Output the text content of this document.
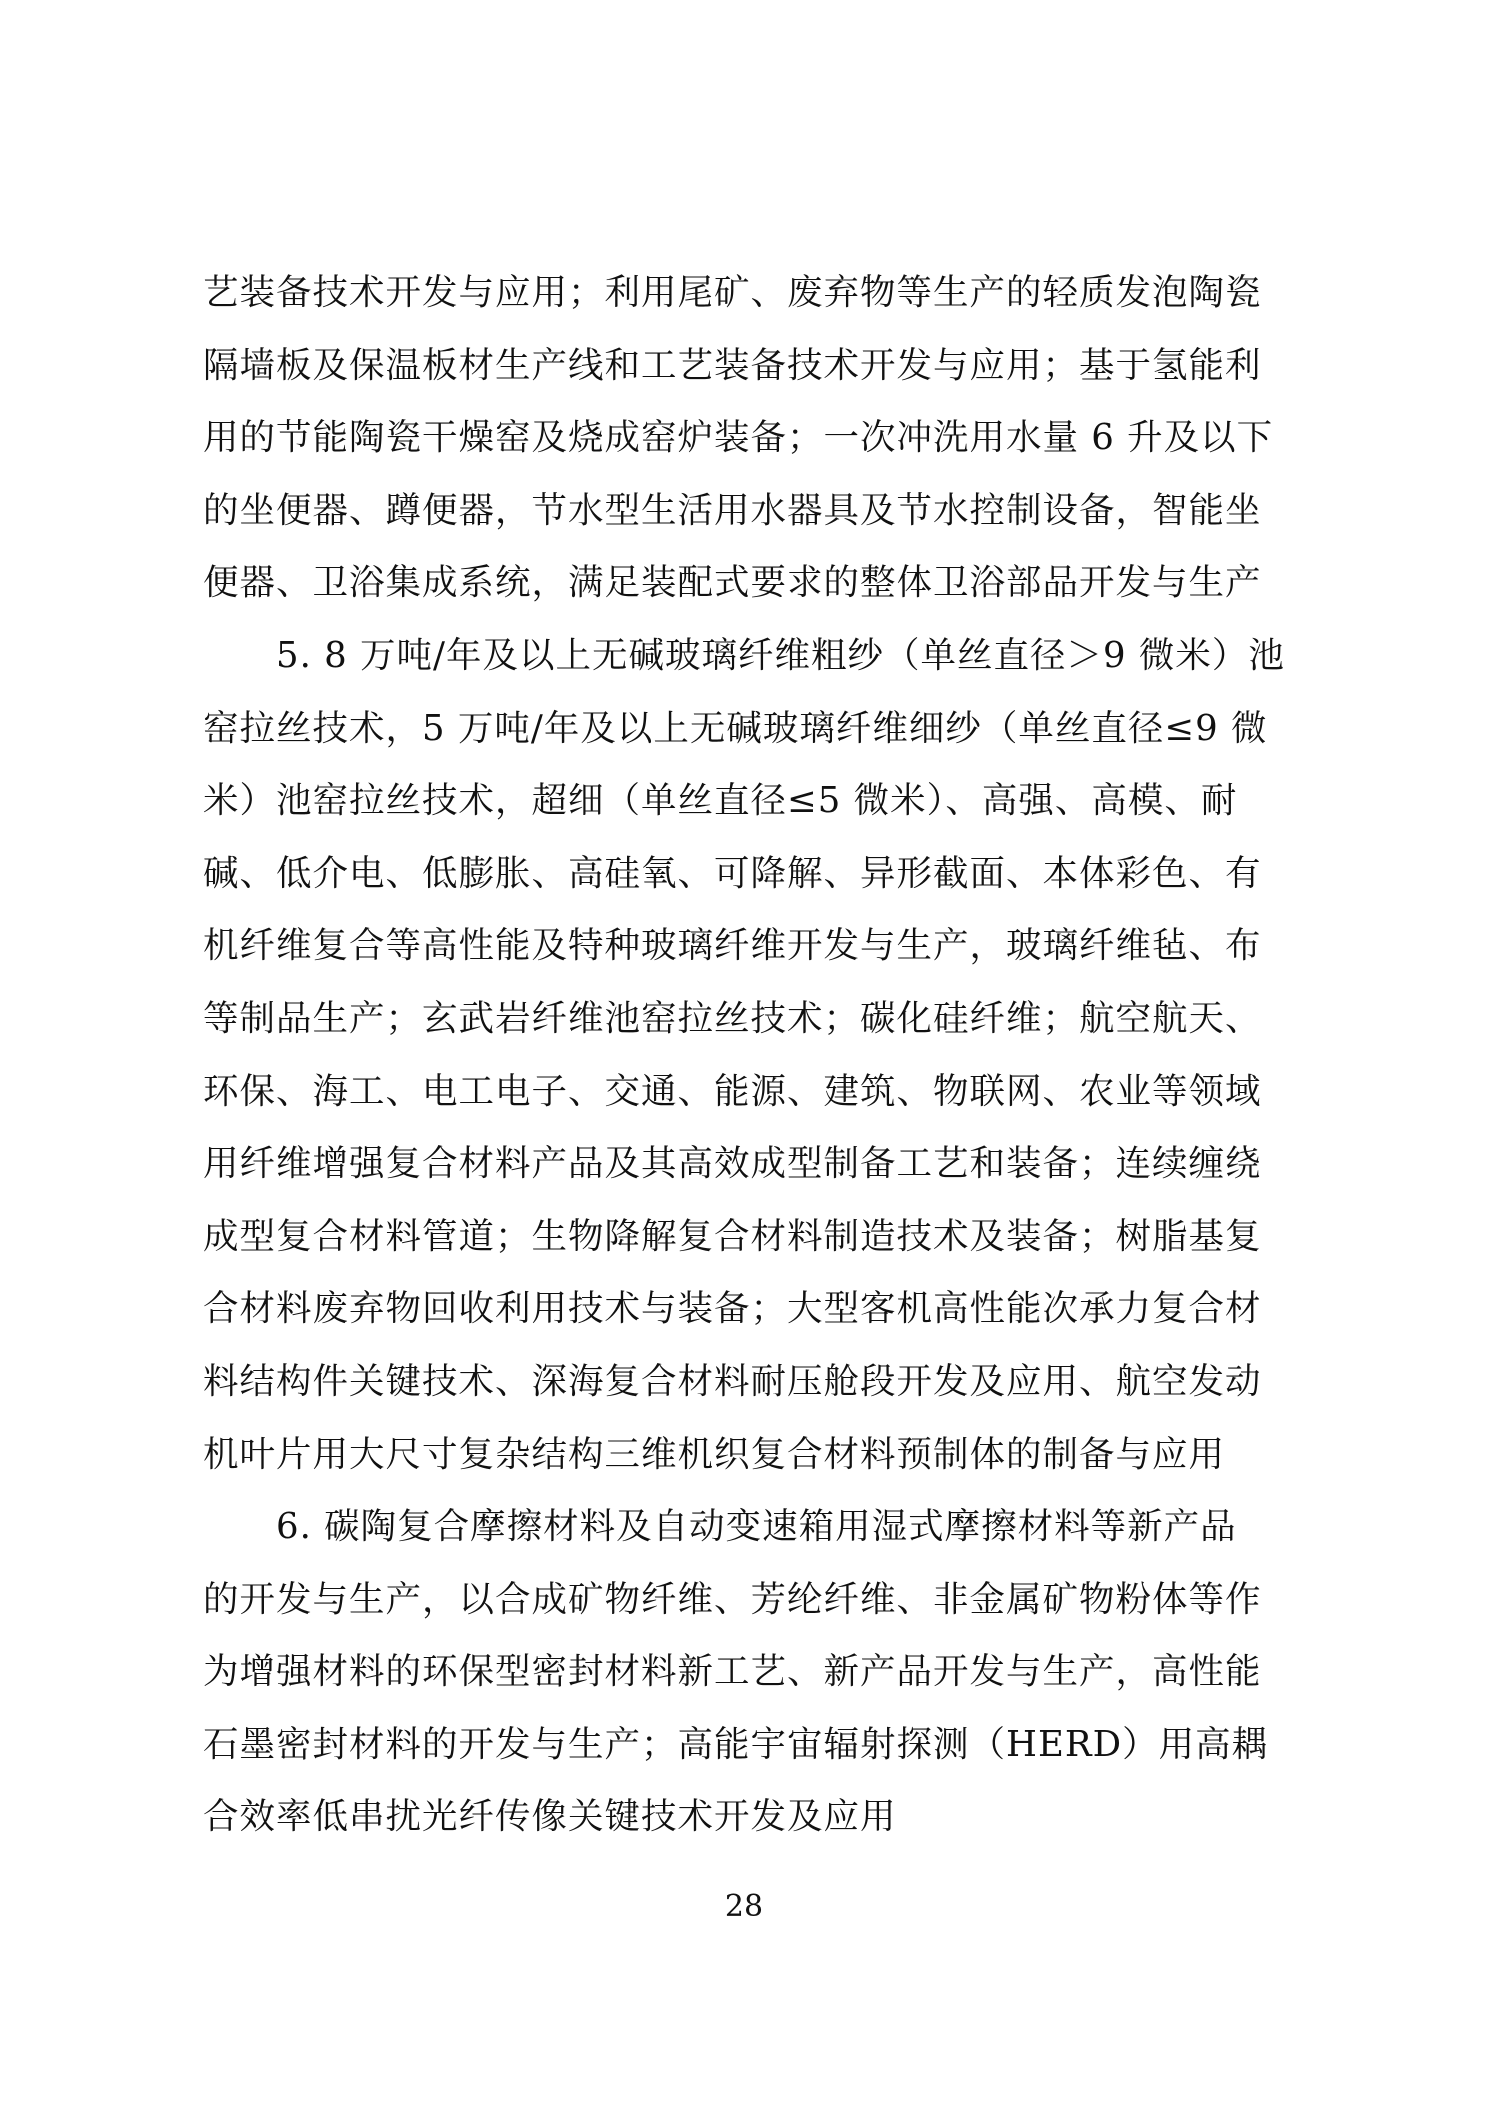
艺装备技术开发与应用；利用尾矿、废弃物等生产的轻质发泡陶瓷
隔墙板及保温板材生产线和工艺装备技术开发与应用；基于氢能利
用的节能陶瓷干燥窑及烧成窑炉装备；一次冲洗用水量 6 升及以下
的坐便器、蹲便器，节水型生活用水器具及节水控制设备，智能坐
便器、卫浴集成系统，满足装配式要求的整体卫浴部品开发与生产

5. 8 万吨/年及以上无碱玻璃纤维粗纱（单丝直径＞9 微米）池
窑拉丝技术，5 万吨/年及以上无碱玻璃纤维细纱（单丝直径≤9 微
米）池窑拉丝技术，超细（单丝直径≤5 微米）、高强、高模、耐
碱、低介电、低膨胀、高硅氧、可降解、异形截面、本体彩色、有
机纤维复合等高性能及特种玻璃纤维开发与生产，玻璃纤维毡、布
等制品生产；玄武岩纤维池窑拉丝技术；碳化硅纤维；航空航天、
环保、海工、电工电子、交通、能源、建筑、物联网、农业等领域
用纤维增强复合材料产品及其高效成型制备工艺和装备；连续缠绕
成型复合材料管道；生物降解复合材料制造技术及装备；树脂基复
合材料废弃物回收利用技术与装备；大型客机高性能次承力复合材
料结构件关键技术、深海复合材料耐压舱段开发及应用、航空发动
机叶片用大尺寸复杂结构三维机织复合材料预制体的制备与应用

6. 碳陶复合摩擦材料及自动变速箱用湿式摩擦材料等新产品
的开发与生产，以合成矿物纤维、芳纶纤维、非金属矿物粉体等作
为增强材料的环保型密封材料新工艺、新产品开发与生产，高性能
石墨密封材料的开发与生产；高能宇宙辐射探测（HERD）用高耦
合效率低串扰光纤传像关键技术开发及应用

28
